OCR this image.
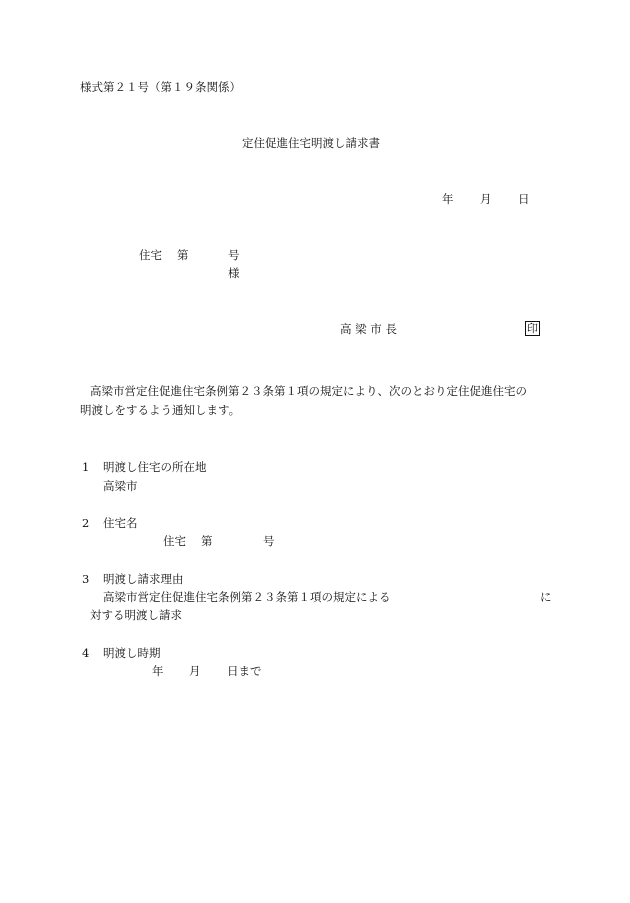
様式第２１号（第１９条関係）
定住促進住宅明渡し請求書
年 月 日
住宅 第	号
様
高 梁 市 長	印
高梁市営定住促進住宅条例第２３条第１項の規定により、次のとおり定住促進住宅の
明渡しをするよう通知します。
1 明渡し住宅の所在地
高梁市
2 住宅名
住宅 第	号
3 明渡し請求理由
高梁市営定住促進住宅条例第２３条第１項の規定による	に
対する明渡し請求
4 明渡し時期
年 月 日まで
